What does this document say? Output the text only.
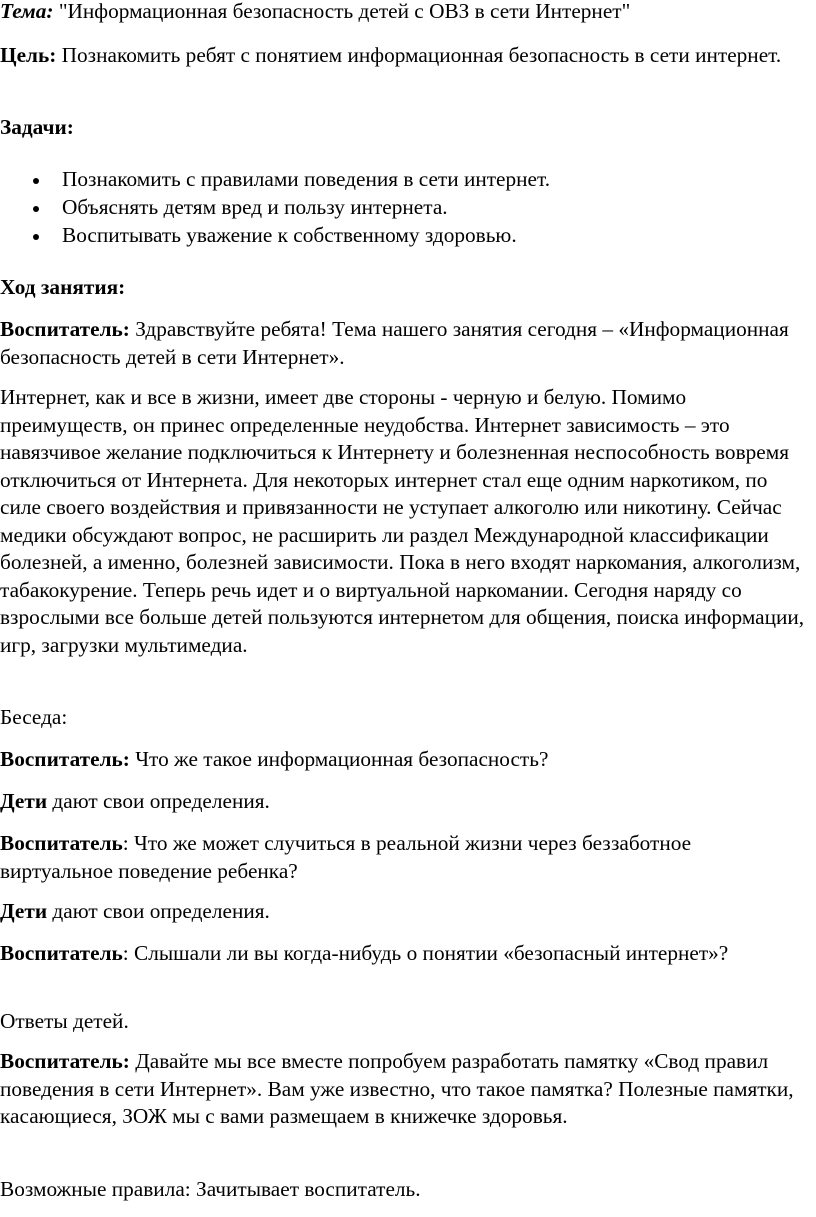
Тема: "Информационная безопасность детей с ОВЗ в сети Интернет"

Цель: Познакомить ребят с понятием информационная безопасность в сети интернет.

Задачи:

Познакомить с правилами поведения в сети интернет.
Объяснять детям вред и пользу интернета.
Воспитывать уважение к собственному здоровью.

Ход занятия:

Воспитатель: Здравствуйте ребята! Тема нашего занятия сегодня – «Информационная безопасность детей в сети Интернет».

Интернет, как и все в жизни, имеет две стороны - черную и белую. Помимо преимуществ, он принес определенные неудобства. Интернет зависимость – это навязчивое желание подключиться к Интернету и болезненная неспособность вовремя отключиться от Интернета. Для некоторых интернет стал еще одним наркотиком, по силе своего воздействия и привязанности не уступает алкоголю или никотину. Сейчас медики обсуждают вопрос, не расширить ли раздел Международной классификации болезней, а именно, болезней зависимости. Пока в него входят наркомания, алкоголизм, табакокурение. Теперь речь идет и о виртуальной наркомании. Сегодня наряду со взрослыми все больше детей пользуются интернетом для общения, поиска информации, игр, загрузки мультимедиа.

Беседа:

Воспитатель: Что же такое информационная безопасность?

Дети дают свои определения.

Воспитатель: Что же может случиться в реальной жизни через беззаботное виртуальное поведение ребенка?

Дети дают свои определения.

Воспитатель: Слышали ли вы когда-нибудь о понятии «безопасный интернет»?

Ответы детей.

Воспитатель: Давайте мы все вместе попробуем разработать памятку «Свод правил поведения в сети Интернет». Вам уже известно, что такое памятка? Полезные памятки, касающиеся, ЗОЖ мы с вами размещаем в книжечке здоровья.

Возможные правила: Зачитывает воспитатель.
